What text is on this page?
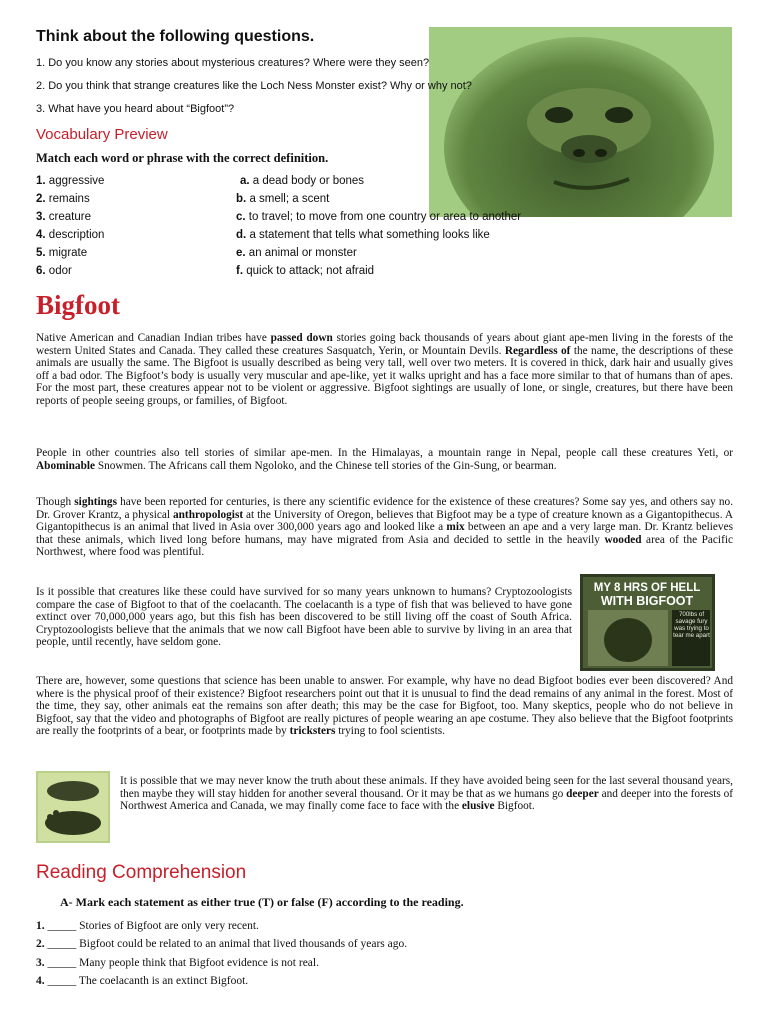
Think about the following questions.
1. Do you know any stories about mysterious creatures? Where were they seen?
2. Do you think that strange creatures like the Loch Ness Monster exist? Why or why not?
3. What have you heard about “Bigfoot”?
Vocabulary Preview
Match each word or phrase with the correct definition.
1. aggressive
2. remains
3. creature
4. description
5. migrate
6. odor
a. a dead body or bones
b. a smell; a scent
c. to travel; to move from one country or area to another
d. a statement that tells what something looks like
e. an animal or monster
f. quick to attack; not afraid
Bigfoot
Native American and Canadian Indian tribes have passed down stories going back thousands of years about giant ape-men living in the forests of the western United States and Canada. They called these creatures Sasquatch, Yerin, or Mountain Devils. Regardless of the name, the descriptions of these animals are usually the same. The Bigfoot is usually described as being very tall, well over two meters. It is covered in thick, dark hair and usually gives off a bad odor. The Bigfoot’s body is usually very muscular and ape-like, yet it walks upright and has a face more similar to that of humans than of apes. For the most part, these creatures appear not to be violent or aggressive. Bigfoot sightings are usually of lone, or single, creatures, but there have been reports of people seeing groups, or families, of Bigfoot.
People in other countries also tell stories of similar ape-men. In the Himalayas, a mountain range in Nepal, people call these creatures Yeti, or Abominable Snowmen. The Africans call them Ngoloko, and the Chinese tell stories of the Gin-Sung, or bearman.
Though sightings have been reported for centuries, is there any scientific evidence for the existence of these creatures? Some say yes, and others say no. Dr. Grover Krantz, a physical anthropologist at the University of Oregon, believes that Bigfoot may be a type of creature known as a Gigantopithecus. A Gigantopithecus is an animal that lived in Asia over 300,000 years ago and looked like a mix between an ape and a very large man. Dr. Krantz believes that these animals, which lived long before humans, may have migrated from Asia and decided to settle in the heavily wooded area of the Pacific Northwest, where food was plentiful.
Is it possible that creatures like these could have survived for so many years unknown to humans? Cryptozoologists compare the case of Bigfoot to that of the coelacanth. The coelacanth is a type of fish that was believed to have gone extinct over 70,000,000 years ago, but this fish has been discovered to be still living off the coast of South Africa. Cryptozoologists believe that the animals that we now call Bigfoot have been able to survive by living in an area that people, until recently, have seldom gone.
MY 8 HRS OF HELL
WITH BIGFOOT
700lbs of savage fury was trying to tear me apart
There are, however, some questions that science has been unable to answer. For example, why have no dead Bigfoot bodies ever been discovered? And where is the physical proof of their existence? Bigfoot researchers point out that it is unusual to find the dead remains of any animal in the forest. Most of the time, they say, other animals eat the remains son after death; this may be the case for Bigfoot, too. Many skeptics, people who do not believe in Bigfoot, say that the video and photographs of Bigfoot are really pictures of people wearing an ape costume. They also believe that the Bigfoot footprints are really the footprints of a bear, or footprints made by tricksters trying to fool scientists.
It is possible that we may never know the truth about these animals. If they have avoided being seen for the last several thousand years, then maybe they will stay hidden for another several thousand. Or it may be that as we humans go deeper and deeper into the forests of Northwest America and Canada, we may finally come face to face with the elusive Bigfoot.
Reading Comprehension
A- Mark each statement as either true (T) or false (F) according to the reading.
1. _____ Stories of Bigfoot are only very recent.
2. _____ Bigfoot could be related to an animal that lived thousands of years ago.
3. _____ Many people think that Bigfoot evidence is not real.
4. _____ The coelacanth is an extinct Bigfoot.
